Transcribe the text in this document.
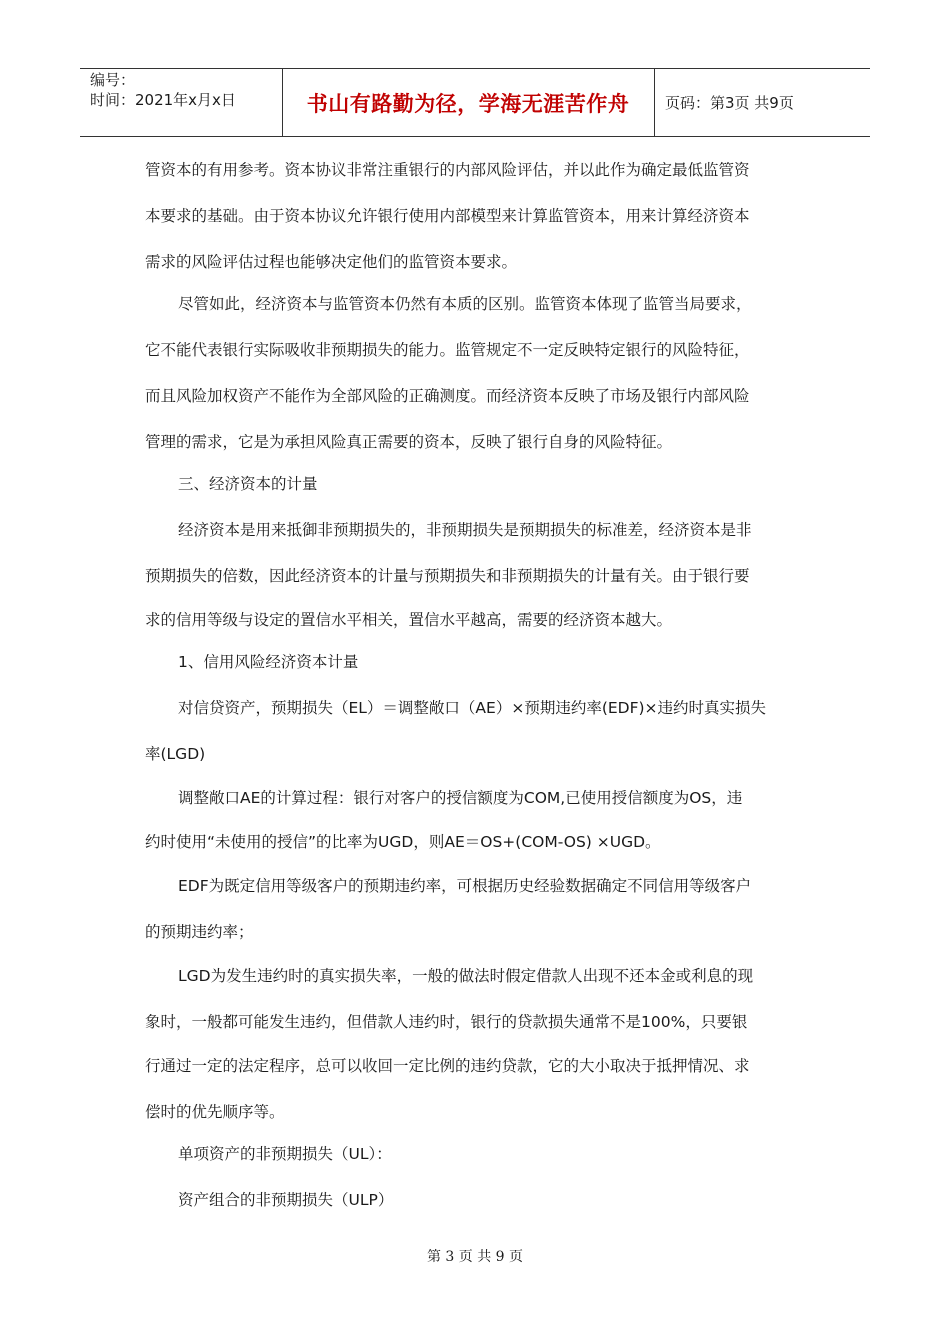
编号：
时间：2021年x月x日	书山有路勤为径，学海无涯苦作舟 页码：第3页 共9页
管资本的有用参考。资本协议非常注重银行的内部风险评估，并以此作为确定最低监管资
本要求的基础。由于资本协议允许银行使用内部模型来计算监管资本，用来计算经济资本
需求的风险评估过程也能够决定他们的监管资本要求。
尽管如此，经济资本与监管资本仍然有本质的区别。监管资本体现了监管当局要求，
它不能代表银行实际吸收非预期损失的能力。监管规定不一定反映特定银行的风险特征，
而且风险加权资产不能作为全部风险的正确测度。而经济资本反映了市场及银行内部风险
管理的需求，它是为承担风险真正需要的资本，反映了银行自身的风险特征。
三、经济资本的计量
经济资本是用来抵御非预期损失的，非预期损失是预期损失的标准差，经济资本是非
预期损失的倍数，因此经济资本的计量与预期损失和非预期损失的计量有关。由于银行要
求的信用等级与设定的置信水平相关，置信水平越高，需要的经济资本越大。
1、信用风险经济资本计量
对信贷资产，预期损失（EL）＝调整敞口（AE）×预期违约率(EDF)×违约时真实损失
率(LGD)
调整敞口AE的计算过程：银行对客户的授信额度为COM,已使用授信额度为OS，违
约时使用“未使用的授信”的比率为UGD，则AE＝OS+(COM-OS) ×UGD。
EDF为既定信用等级客户的预期违约率，可根据历史经验数据确定不同信用等级客户
的预期违约率；
LGD为发生违约时的真实损失率，一般的做法时假定借款人出现不还本金或利息的现
象时，一般都可能发生违约，但借款人违约时，银行的贷款损失通常不是100%，只要银
行通过一定的法定程序，总可以收回一定比例的违约贷款，它的大小取决于抵押情况、求
偿时的优先顺序等。
单项资产的非预期损失（UL）：
资产组合的非预期损失（ULP）
第 3 页 共 9 页
